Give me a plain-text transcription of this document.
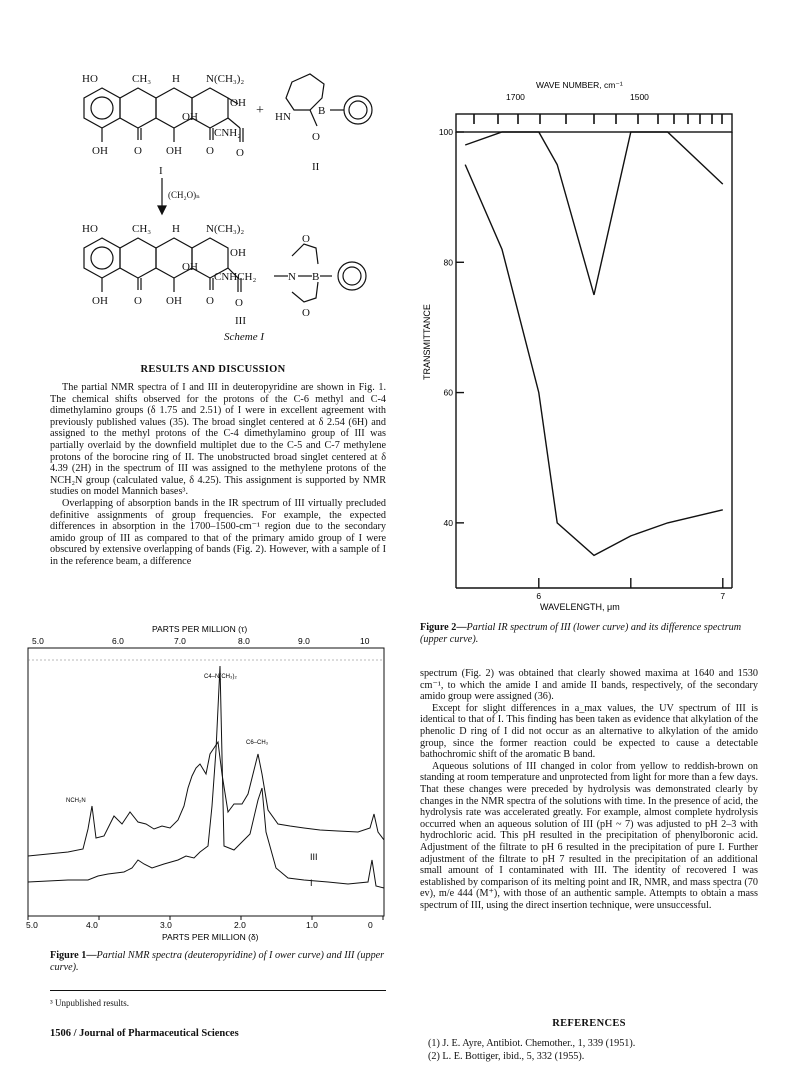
HO	CH₃ H N(CH₃)₂
OH
OH
CNH₂
OH O OH O O
+ HN B
O
II
I
(CH₂O)ₙ
HO	CH₃ H N(CH₃)₂
OH
OH
CNHCH₂	N B
OH O OH O O
O
O
III
Scheme I
RESULTS AND DISCUSSION

The partial NMR spectra of I and III in deuteropyridine are shown in Fig. 1. The chemical shifts observed for the protons of the C-6 methyl and C-4 dimethylamino groups (δ 1.75 and 2.51) of I were in excellent agreement with previously published values (35). The broad singlet centered at δ 2.54 (6H) and assigned to the methyl protons of the C-4 dimethylamino group of III was partially overlaid by the downfield multiplet due to the C-5 and C-7 methylene protons of the borocine ring of II. The unobstructed broad singlet centered at δ 4.39 (2H) in the spectrum of III was assigned to the methylene protons of the NCH₂N group (calculated value, δ 4.25). This assignment is supported by NMR studies on model Mannich bases³.

Overlapping of absorption bands in the IR spectrum of III virtually precluded definitive assignments of group frequencies. For example, the expected differences in absorption in the 1700–1500-cm⁻¹ region due to the secondary amido group of III as compared to that of the primary amido group of I were obscured by extensive overlapping of bands (Fig. 2). However, with a sample of I in the reference beam, a difference

PARTS PER MILLION (τ)
5.0	6.0	7.0	8.0	9.0	10
NCH₂N
C4–N(CH₃)₂
C6–CH₃
III
I
5.0	4.0	3.0	2.0	1.0	0
PARTS PER MILLION (δ)
Figure 1—Partial NMR spectra (deuteropyridine) of I ower curve) and III (upper curve).
³ Unpublished results.
1506 / Journal of Pharmaceutical Sciences
WAVE NUMBER, cm⁻¹
1700	1500
TRANSMITTANCE
100
80
60
40
6	7
WAVELENGTH, μm
Figure 2—Partial IR spectrum of III (lower curve) and its difference spectrum (upper curve).

spectrum (Fig. 2) was obtained that clearly showed maxima at 1640 and 1530 cm⁻¹, to which the amide I and amide II bands, respectively, of the secondary amido group were assigned (36).

Except for slight differences in a_max values, the UV spectrum of III is identical to that of I. This finding has been taken as evidence that alkylation of the phenolic D ring of I did not occur as an alternative to alkylation of the amido group, since the former reaction could be expected to cause a detectable bathochromic shift of the aromatic B band.

Aqueous solutions of III changed in color from yellow to reddish-brown on standing at room temperature and unprotected from light for more than a few days. That these changes were preceded by hydrolysis was demonstrated clearly by changes in the NMR spectra of the solutions with time. In the presence of acid, the hydrolysis rate was accelerated greatly. For example, almost complete hydrolysis occurred when an aqueous solution of III (pH ~ 7) was adjusted to pH 2–3 with hydrochloric acid. This pH resulted in the precipitation of phenylboronic acid. Adjustment of the filtrate to pH 6 resulted in the precipitation of pure I. Further adjustment of the filtrate to pH 7 resulted in the precipitation of an additional small amount of I contaminated with III. The identity of recovered I was established by comparison of its melting point and IR, NMR, and mass spectra (70 ev), m/e 444 (M⁺), with those of an authentic sample. Attempts to obtain a mass spectrum of III, using the direct insertion technique, were unsuccessful.

REFERENCES
(1) J. E. Ayre, Antibiot. Chemother., 1, 339 (1951).
(2) L. E. Bottiger, ibid., 5, 332 (1955).
